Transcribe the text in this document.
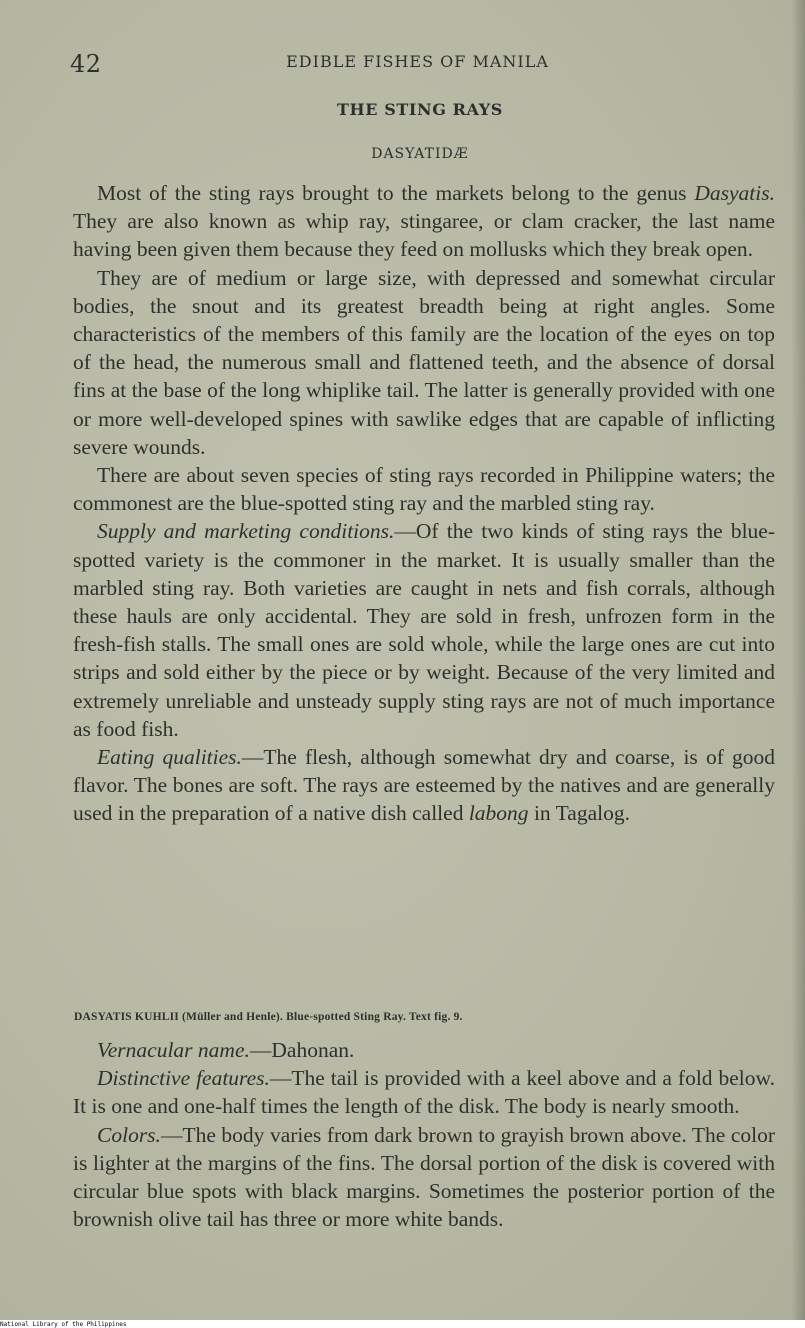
42	EDIBLE FISHES OF MANILA
THE STING RAYS
DASYATIDÆ

Most of the sting rays brought to the markets belong to the genus Dasyatis. They are also known as whip ray, stingaree, or clam cracker, the last name having been given them because they feed on mollusks which they break open.

They are of medium or large size, with depressed and somewhat circular bodies, the snout and its greatest breadth being at right angles. Some characteristics of the members of this family are the location of the eyes on top of the head, the numerous small and flattened teeth, and the absence of dorsal fins at the base of the long whiplike tail. The latter is generally provided with one or more well-developed spines with sawlike edges that are capable of inflicting severe wounds.

There are about seven species of sting rays recorded in Philippine waters; the commonest are the blue-spotted sting ray and the marbled sting ray.

Supply and marketing conditions.—Of the two kinds of sting rays the blue-spotted variety is the commoner in the market. It is usually smaller than the marbled sting ray. Both varieties are caught in nets and fish corrals, although these hauls are only accidental. They are sold in fresh, unfrozen form in the fresh-fish stalls. The small ones are sold whole, while the large ones are cut into strips and sold either by the piece or by weight. Because of the very limited and extremely unreliable and unsteady supply sting rays are not of much importance as food fish.

Eating qualities.—The flesh, although somewhat dry and coarse, is of good flavor. The bones are soft. The rays are esteemed by the natives and are generally used in the preparation of a native dish called labong in Tagalog.

DASYATIS KUHLII (Müller and Henle). Blue-spotted Sting Ray. Text fig. 9.

Vernacular name.—Dahonan.

Distinctive features.—The tail is provided with a keel above and a fold below. It is one and one-half times the length of the disk. The body is nearly smooth.

Colors.—The body varies from dark brown to grayish brown above. The color is lighter at the margins of the fins. The dorsal portion of the disk is covered with circular blue spots with black margins. Sometimes the posterior portion of the brownish olive tail has three or more white bands.

National Library of the Philippines
